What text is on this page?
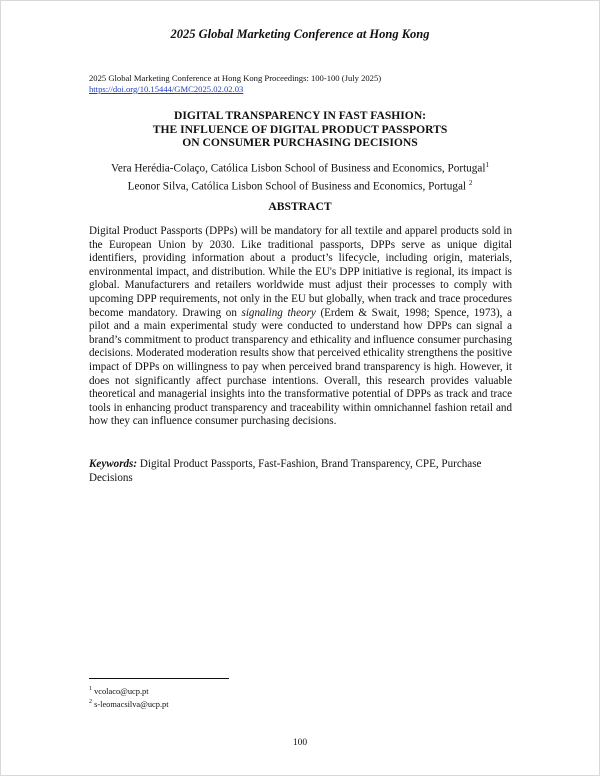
2025 Global Marketing Conference at Hong Kong
2025 Global Marketing Conference at Hong Kong Proceedings: 100-100 (July 2025)
https://doi.org/10.15444/GMC2025.02.02.03
DIGITAL TRANSPARENCY IN FAST FASHION:
THE INFLUENCE OF DIGITAL PRODUCT PASSPORTS
ON CONSUMER PURCHASING DECISIONS
Vera Herédia-Colaço, Católica Lisbon School of Business and Economics, Portugal$^1$
Leonor Silva, Católica Lisbon School of Business and Economics, Portugal $^2$
ABSTRACT
Digital Product Passports (DPPs) will be mandatory for all textile and apparel products sold in the European Union by 2030. Like traditional passports, DPPs serve as unique digital identifiers, providing information about a product’s lifecycle, including origin, materials, environmental impact, and distribution. While the EU's DPP initiative is regional, its impact is global. Manufacturers and retailers worldwide must adjust their processes to comply with upcoming DPP requirements, not only in the EU but globally, when track and trace procedures become mandatory. Drawing on signaling theory (Erdem & Swait, 1998; Spence, 1973), a pilot and a main experimental study were conducted to understand how DPPs can signal a brand’s commitment to product transparency and ethicality and influence consumer purchasing decisions. Moderated moderation results show that perceived ethicality strengthens the positive impact of DPPs on willingness to pay when perceived brand transparency is high. However, it does not significantly affect purchase intentions. Overall, this research provides valuable theoretical and managerial insights into the transformative potential of DPPs as track and trace tools in enhancing product transparency and traceability within omnichannel fashion retail and how they can influence consumer purchasing decisions.
Keywords: Digital Product Passports, Fast-Fashion, Brand Transparency, CPE, Purchase Decisions
$^1$ vcolaco@ucp.pt
$^2$ s-leomacsilva@ucp.pt
100
